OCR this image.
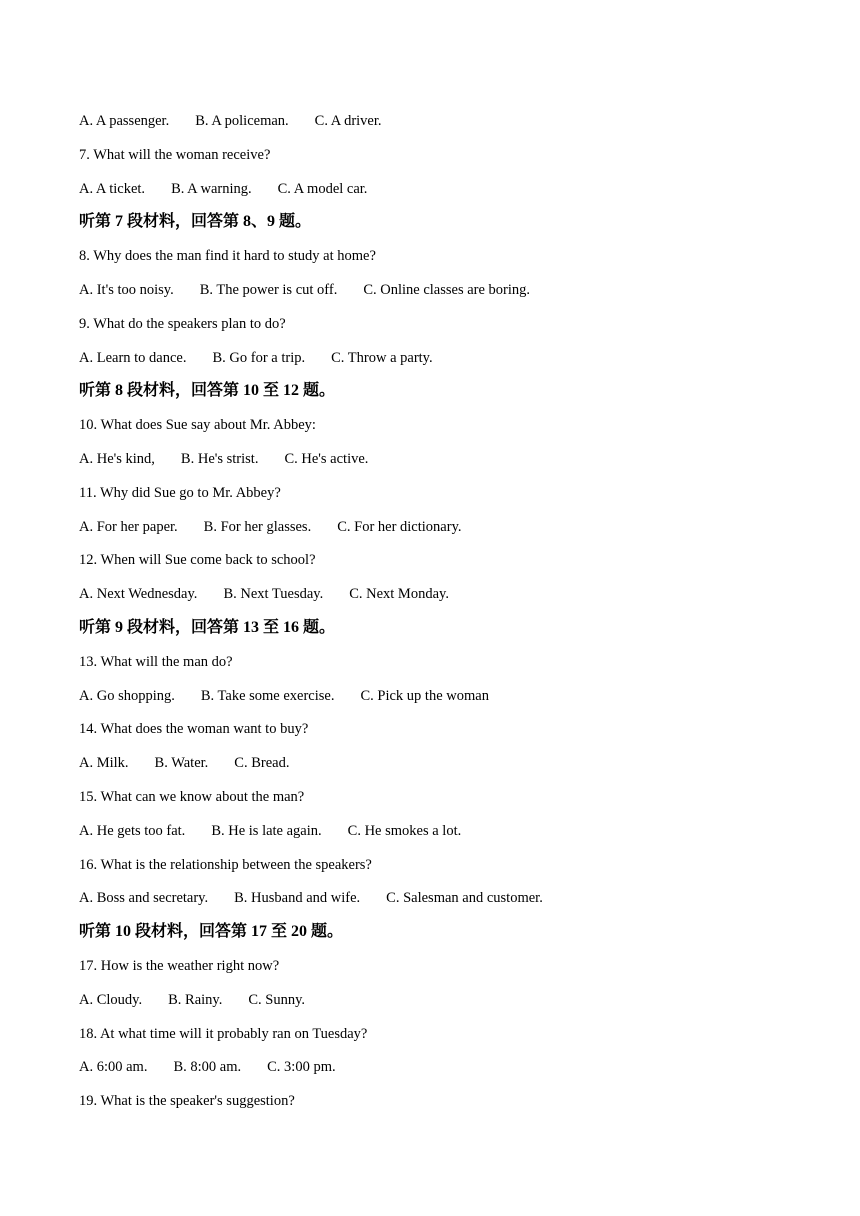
A. A passenger. B. A policeman. C. A driver.
7. What will the woman receive?
A. A ticket. B. A warning. C. A model car.
听第 7 段材料，回答第 8、9 题。
8. Why does the man find it hard to study at home?
A. It's too noisy. B. The power is cut off. C. Online classes are boring.
9. What do the speakers plan to do?
A. Learn to dance. B. Go for a trip. C. Throw a party.
听第 8 段材料，回答第 10 至 12 题。
10. What does Sue say about Mr. Abbey:
A. He's kind, B. He's strist. C. He's active.
11. Why did Sue go to Mr. Abbey?
A. For her paper. B. For her glasses. C. For her dictionary.
12. When will Sue come back to school?
A. Next Wednesday. B. Next Tuesday. C. Next Monday.
听第 9 段材料，回答第 13 至 16 题。
13. What will the man do?
A. Go shopping. B. Take some exercise. C. Pick up the woman
14. What does the woman want to buy?
A. Milk. B. Water. C. Bread.
15. What can we know about the man?
A. He gets too fat. B. He is late again. C. He smokes a lot.
16. What is the relationship between the speakers?
A. Boss and secretary. B. Husband and wife. C. Salesman and customer.
听第 10 段材料，回答第 17 至 20 题。
17. How is the weather right now?
A. Cloudy. B. Rainy. C. Sunny.
18. At what time will it probably ran on Tuesday?
A. 6:00 am. B. 8:00 am. C. 3:00 pm.
19. What is the speaker's suggestion?
